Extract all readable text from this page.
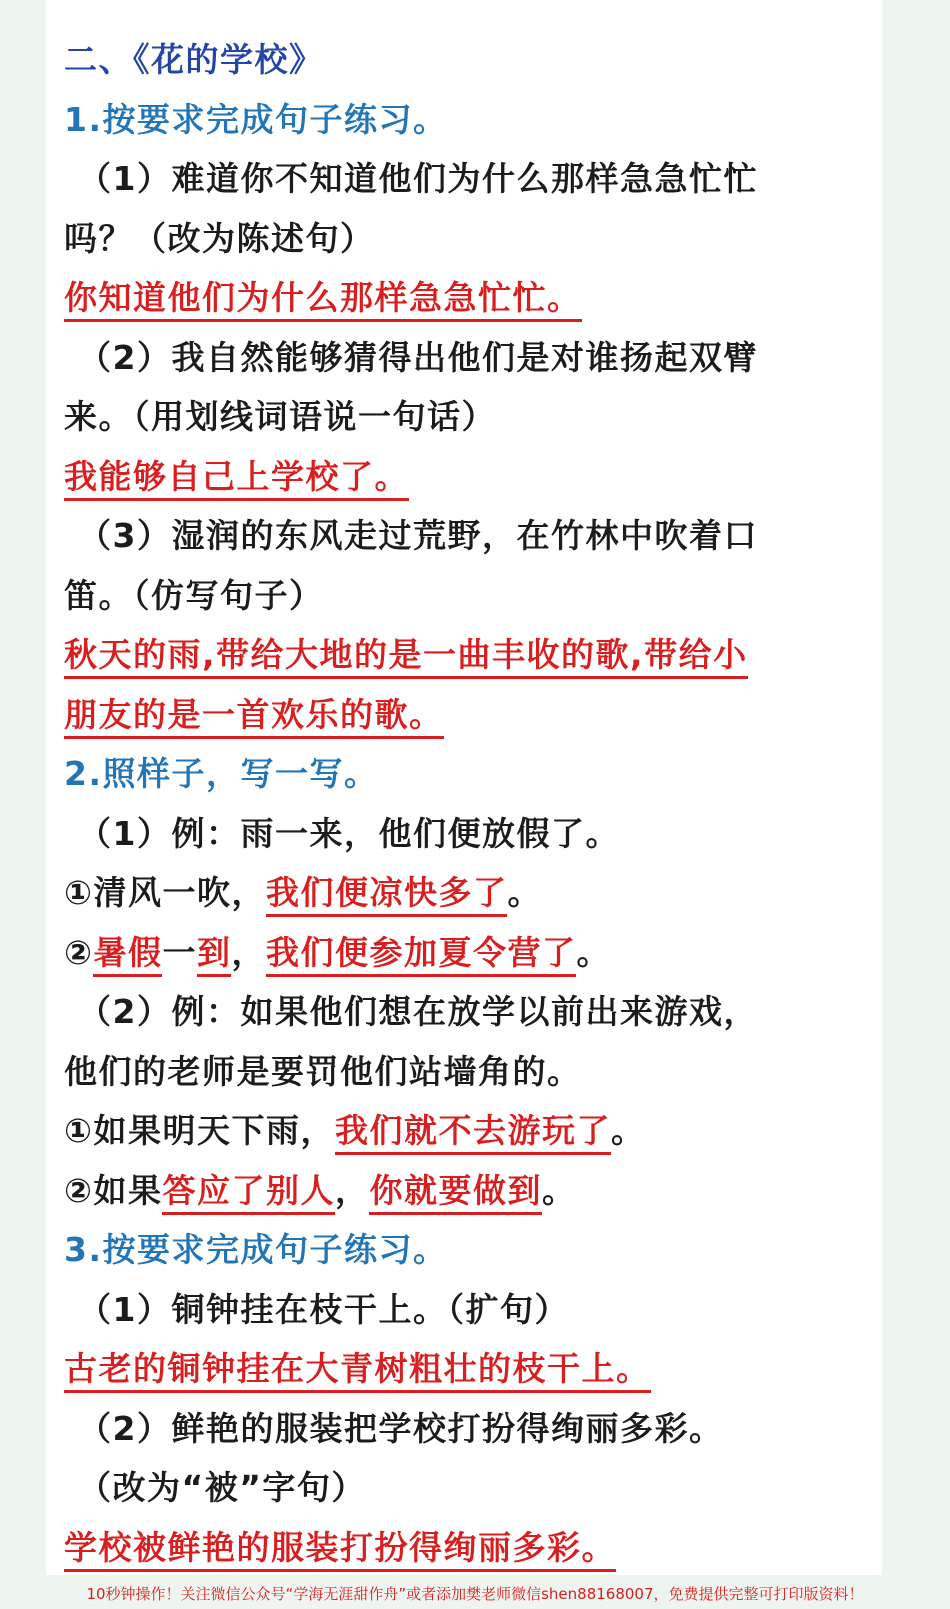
二、《花的学校》
1.按要求完成句子练习。
（1）难道你不知道他们为什么那样急急忙忙
吗？（改为陈述句）
你知道他们为什么那样急急忙忙。
（2）我自然能够猜得出他们是对谁扬起双臂
来。（用划线词语说一句话）
我能够自己上学校了。
（3）湿润的东风走过荒野，在竹林中吹着口
笛。（仿写句子）
秋天的雨,带给大地的是一曲丰收的歌,带给小
朋友的是一首欢乐的歌。
2.照样子，写一写。
（1）例：雨一来，他们便放假了。
①清风一吹，我们便凉快多了。
②暑假一到，我们便参加夏令营了。
（2）例：如果他们想在放学以前出来游戏，
他们的老师是要罚他们站墙角的。
①如果明天下雨，我们就不去游玩了。
②如果答应了别人，你就要做到。
3.按要求完成句子练习。
（1）铜钟挂在枝干上。（扩句）
古老的铜钟挂在大青树粗壮的枝干上。
（2）鲜艳的服装把学校打扮得绚丽多彩。
（改为“被”字句）
学校被鲜艳的服装打扮得绚丽多彩。
10秒钟操作！关注微信公众号“学海无涯甜作舟”或者添加樊老师微信shen88168007，免费提供完整可打印版资料！
